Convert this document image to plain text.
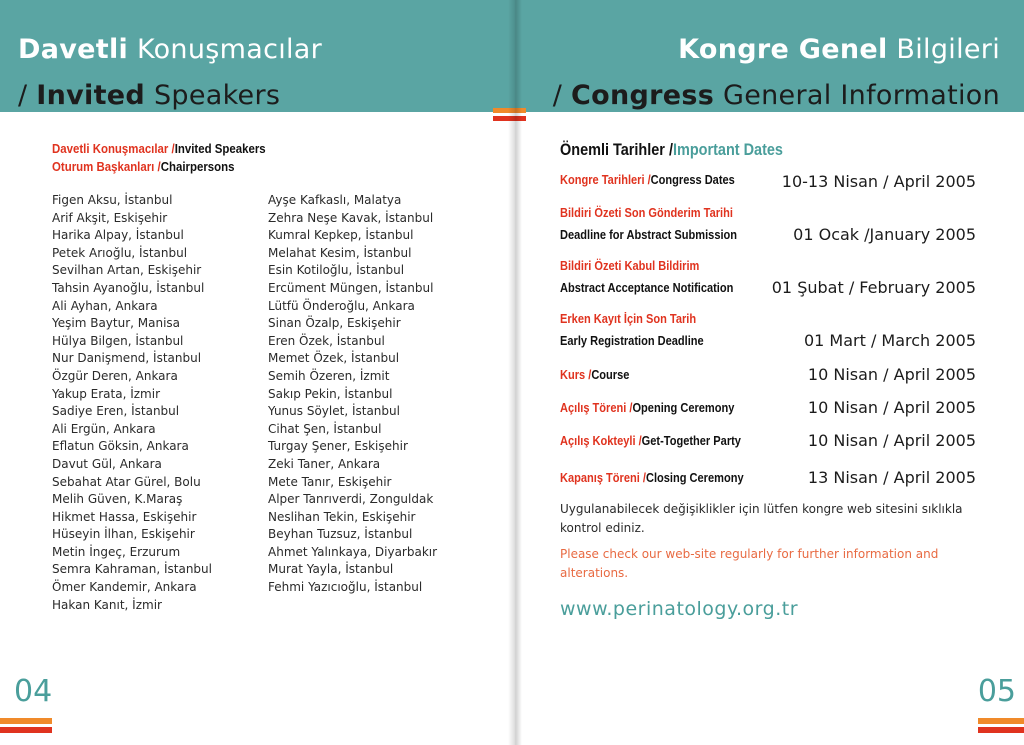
Davetli Konuşmacılar
/ Invited Speakers
Davetli Konuşmacılar /Invited Speakers
Oturum Başkanları /Chairpersons
Figen Aksu, İstanbul
Arif Akşit, Eskişehir
Harika Alpay, İstanbul
Petek Arıoğlu, İstanbul
Sevilhan Artan, Eskişehir
Tahsin Ayanoğlu, İstanbul
Ali Ayhan, Ankara
Yeşim Baytur, Manisa
Hülya Bilgen, İstanbul
Nur Danişmend, İstanbul
Özgür Deren, Ankara
Yakup Erata, İzmir
Sadiye Eren, İstanbul
Ali Ergün, Ankara
Eflatun Göksin, Ankara
Davut Gül, Ankara
Sebahat Atar Gürel, Bolu
Melih Güven, K.Maraş
Hikmet Hassa, Eskişehir
Hüseyin İlhan, Eskişehir
Metin İngeç, Erzurum
Semra Kahraman, İstanbul
Ömer Kandemir, Ankara
Hakan Kanıt, İzmir
Ayşe Kafkaslı, Malatya
Zehra Neşe Kavak, İstanbul
Kumral Kepkep, İstanbul
Melahat Kesim, İstanbul
Esin Kotiloğlu, İstanbul
Ercüment Müngen, İstanbul
Lütfü Önderoğlu, Ankara
Sinan Özalp, Eskişehir
Eren Özek, İstanbul
Memet Özek, İstanbul
Semih Özeren, İzmit
Sakıp Pekin, İstanbul
Yunus Söylet, İstanbul
Cihat Şen, İstanbul
Turgay Şener, Eskişehir
Zeki Taner, Ankara
Mete Tanır, Eskişehir
Alper Tanrıverdi, Zonguldak
Neslihan Tekin, Eskişehir
Beyhan Tuzsuz, İstanbul
Ahmet Yalınkaya, Diyarbakır
Murat Yayla, İstanbul
Fehmi Yazıcıoğlu, İstanbul
04
Kongre Genel Bilgileri
/ Congress General Information
Önemli Tarihler /Important Dates
Kongre Tarihleri /Congress Dates	10-13 Nisan / April 2005
Bildiri Özeti Son Gönderim Tarihi
Deadline for Abstract Submission	01 Ocak /January 2005
Bildiri Özeti Kabul Bildirim
Abstract Acceptance Notification 01 Şubat / February 2005
Erken Kayıt İçin Son Tarih
Early Registration Deadline	01 Mart / March 2005
Kurs /Course	10 Nisan / April 2005
Açılış Töreni /Opening Ceremony	10 Nisan / April 2005
Açılış Kokteyli /Get-Together Party	10 Nisan / April 2005
Kapanış Töreni /Closing Ceremony	13 Nisan / April 2005
Uygulanabilecek değişiklikler için lütfen kongre web sitesini sıklıkla kontrol ediniz.
Please check our web-site regularly for further information and alterations.
www.perinatology.org.tr
05
